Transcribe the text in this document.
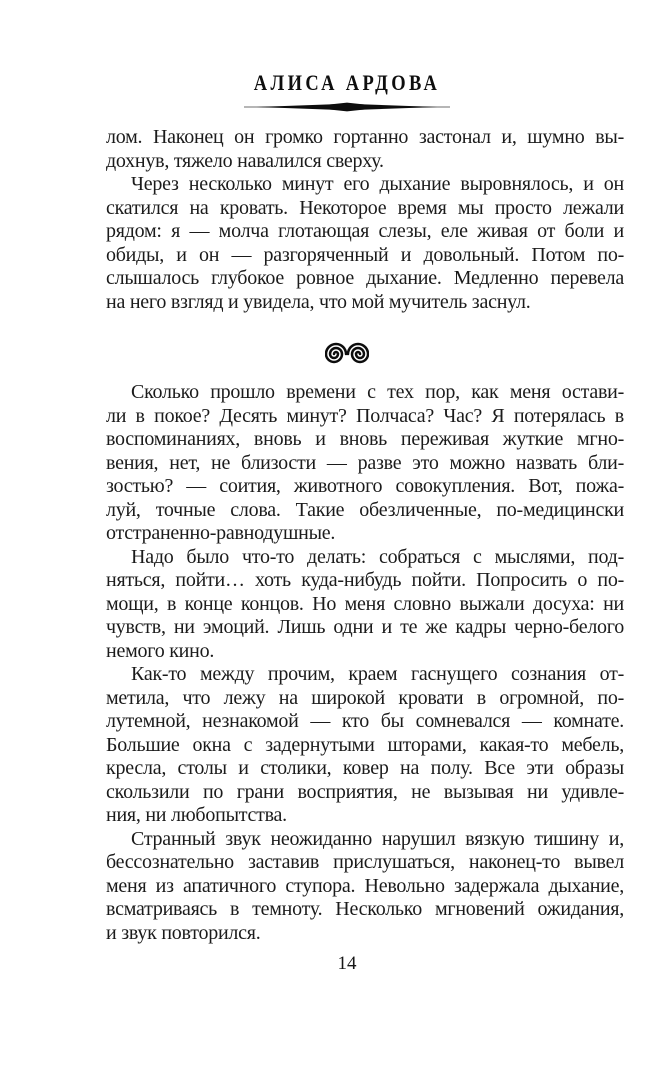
АЛИСА АРДОВА
лом. Наконец он громко гортанно застонал и, шумно вы-
дохнув, тяжело навалился сверху.
Через несколько минут его дыхание выровнялось, и он
скатился на кровать. Некоторое время мы просто лежали
рядом: я — молча глотающая слезы, еле живая от боли и
обиды, и он — разгоряченный и довольный. Потом по-
слышалось глубокое ровное дыхание. Медленно перевела
на него взгляд и увидела, что мой мучитель заснул.
Сколько прошло времени с тех пор, как меня остави-
ли в покое? Десять минут? Полчаса? Час? Я потерялась в
воспоминаниях, вновь и вновь переживая жуткие мгно-
вения, нет, не близости — разве это можно назвать бли-
зостью? — соития, животного совокупления. Вот, пожа-
луй, точные слова. Такие обезличенные, по-медицински
отстраненно-равнодушные.
Надо было что-то делать: собраться с мыслями, под-
няться, пойти… хоть куда-нибудь пойти. Попросить о по-
мощи, в конце концов. Но меня словно выжали досуха: ни
чувств, ни эмоций. Лишь одни и те же кадры черно-белого
немого кино.
Как-то между прочим, краем гаснущего сознания от-
метила, что лежу на широкой кровати в огромной, по-
лутемной, незнакомой — кто бы сомневался — комнате.
Большие окна с задернутыми шторами, какая-то мебель,
кресла, столы и столики, ковер на полу. Все эти образы
скользили по грани восприятия, не вызывая ни удивле-
ния, ни любопытства.
Странный звук неожиданно нарушил вязкую тишину и,
бессознательно заставив прислушаться, наконец-то вывел
меня из апатичного ступора. Невольно задержала дыхание,
всматриваясь в темноту. Несколько мгновений ожидания,
и звук повторился.
14
